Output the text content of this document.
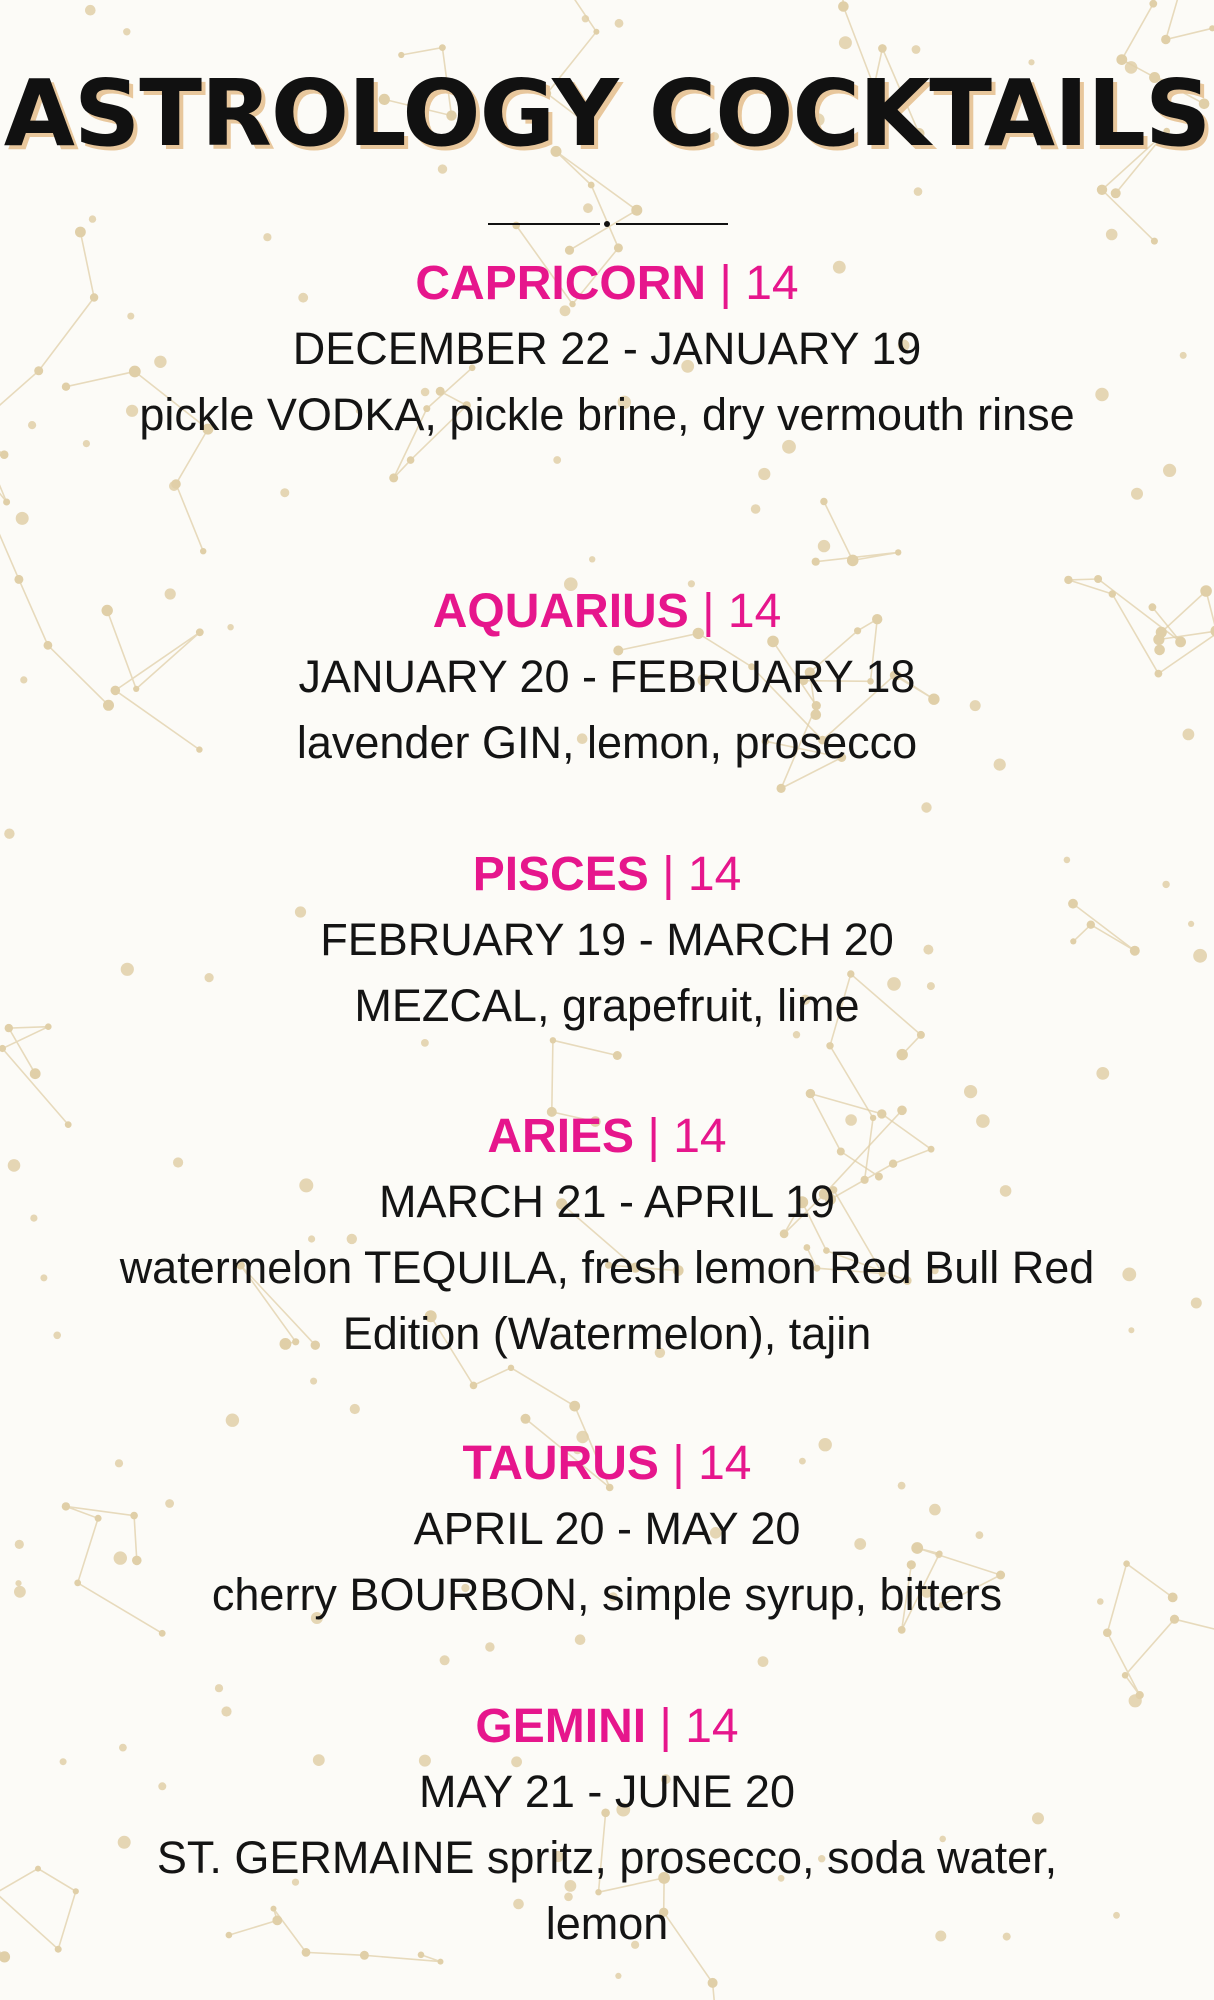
ASTROLOGY COCKTAILS
CAPRICORN | 14
DECEMBER 22 - JANUARY 19
pickle VODKA, pickle brine, dry vermouth rinse
AQUARIUS | 14
JANUARY 20 - FEBRUARY 18
lavender GIN, lemon, prosecco
PISCES | 14
FEBRUARY 19 - MARCH 20
MEZCAL, grapefruit, lime
ARIES | 14
MARCH 21 - APRIL 19
watermelon TEQUILA, fresh lemon Red Bull Red Edition (Watermelon), tajin
TAURUS | 14
APRIL 20 - MAY 20
cherry BOURBON, simple syrup, bitters
GEMINI | 14
MAY 21 - JUNE 20
ST. GERMAINE spritz, prosecco, soda water, lemon
